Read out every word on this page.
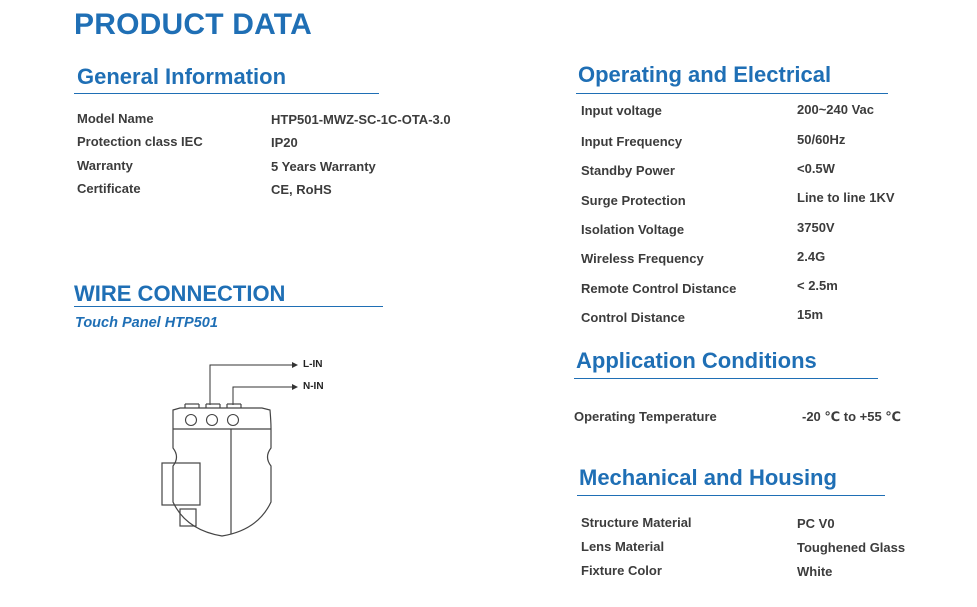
PRODUCT DATA
General Information
Model Name	HTP501-MWZ-SC-1C-OTA-3.0
Protection class IEC	IP20
Warranty	5 Years Warranty
Certificate	CE, RoHS
WIRE CONNECTION
Touch Panel HTP501
L-IN
N-IN
Operating and Electrical
Input voltage	200~240 Vac
Input Frequency	50/60Hz
Standby Power	<0.5W
Surge Protection	Line to line 1KV
Isolation Voltage	3750V
Wireless Frequency	2.4G
Remote Control Distance	< 2.5m
Control Distance	15m
Application Conditions
Operating Temperature	-20 ℃ to +55 ℃
Mechanical and Housing
Structure Material	PC V0
Lens Material	Toughened Glass
Fixture Color	White
